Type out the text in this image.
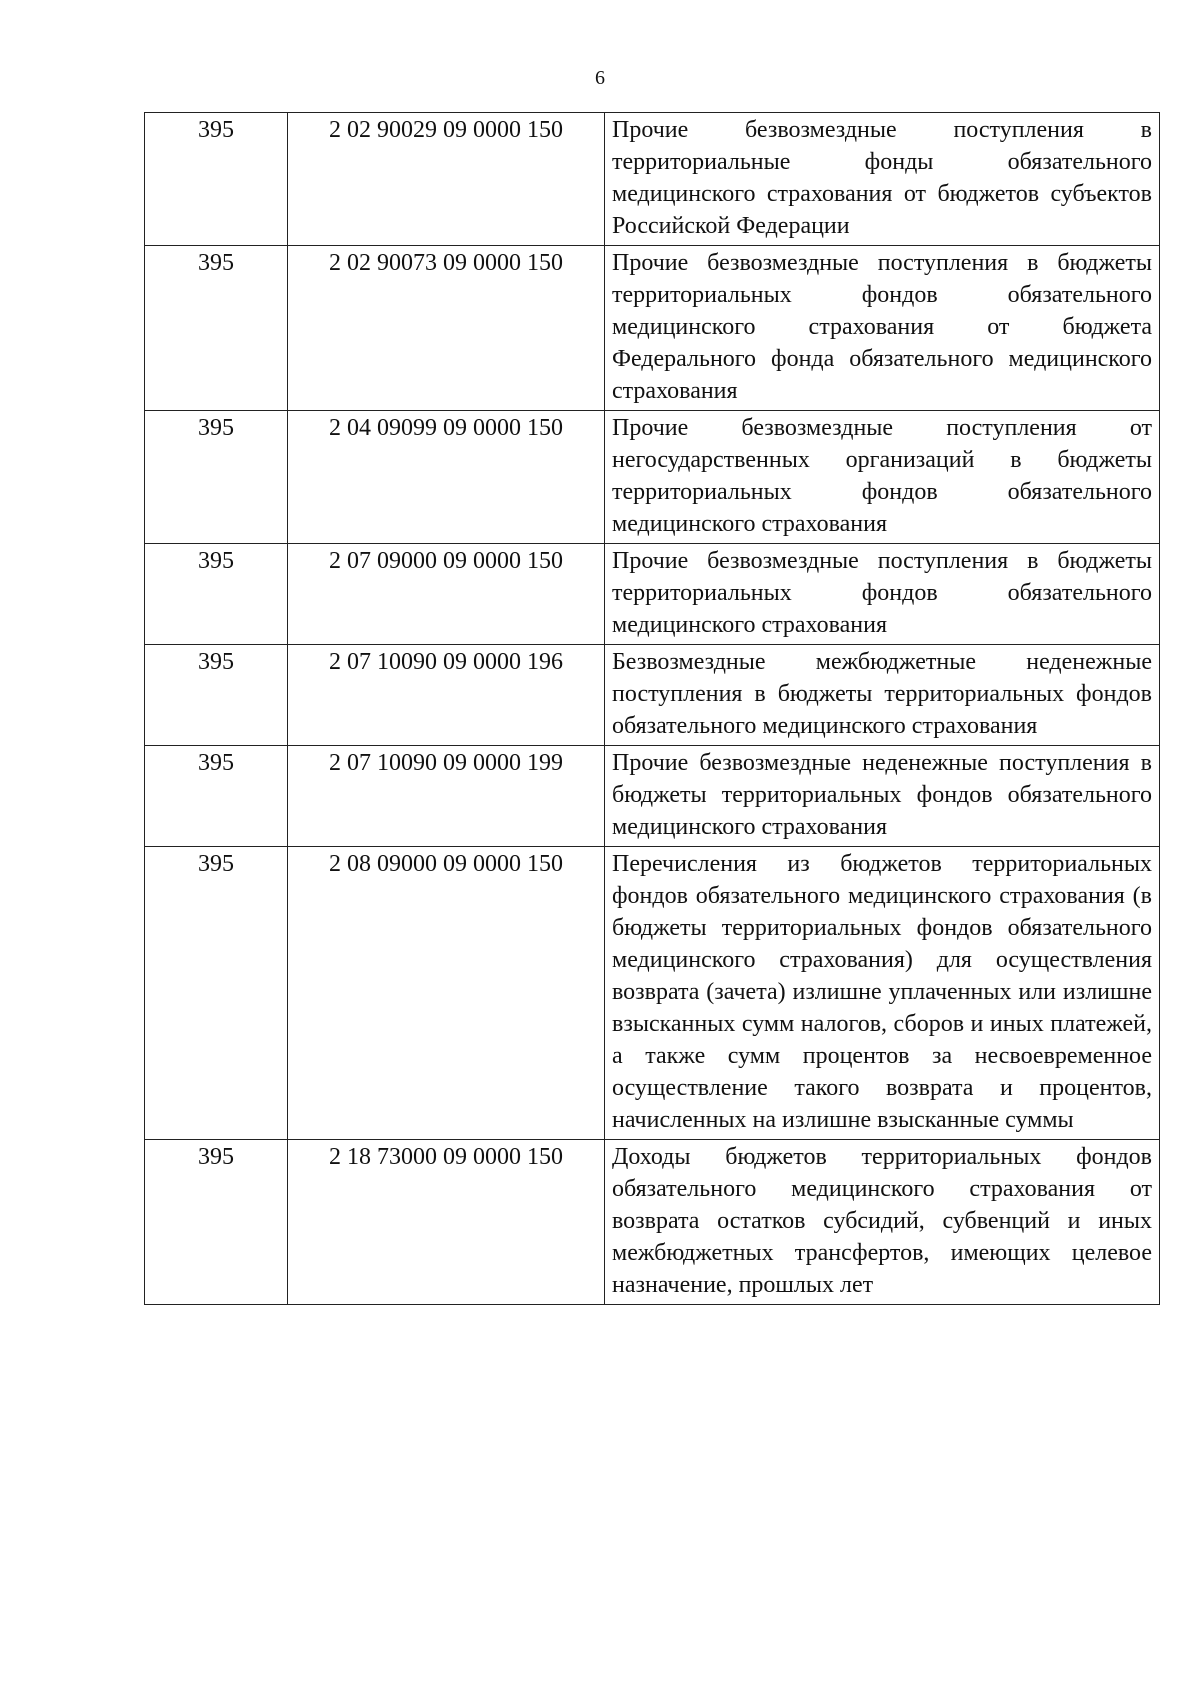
6
395	2 02 90029 09 0000 150	Прочие безвозмездные поступления в территориальные фонды обязательного медицинского страхования от бюджетов субъектов Российской Федерации
395	2 02 90073 09 0000 150	Прочие безвозмездные поступления в бюджеты территориальных фондов обязательного медицинского страхования от бюджета Федерального фонда обязательного медицинского страхования
395	2 04 09099 09 0000 150	Прочие безвозмездные поступления от негосударственных организаций в бюджеты территориальных фондов обязательного медицинского страхования
395	2 07 09000 09 0000 150	Прочие безвозмездные поступления в бюджеты территориальных фондов обязательного медицинского страхования
395	2 07 10090 09 0000 196	Безвозмездные межбюджетные неденежные поступления в бюджеты территориальных фондов обязательного медицинского страхования
395	2 07 10090 09 0000 199	Прочие безвозмездные неденежные поступления в бюджеты территориальных фондов обязательного медицинского страхования
395	2 08 09000 09 0000 150	Перечисления из бюджетов территориальных фондов обязательного медицинского страхования (в бюджеты территориальных фондов обязательного медицинского страхования) для осуществления возврата (зачета) излишне уплаченных или излишне взысканных сумм налогов, сборов и иных платежей, а также сумм процентов за несвоевременное осуществление такого возврата и процентов, начисленных на излишне взысканные суммы
395	2 18 73000 09 0000 150	Доходы бюджетов территориальных фондов обязательного медицинского страхования от возврата остатков субсидий, субвенций и иных межбюджетных трансфертов, имеющих целевое назначение, прошлых лет
